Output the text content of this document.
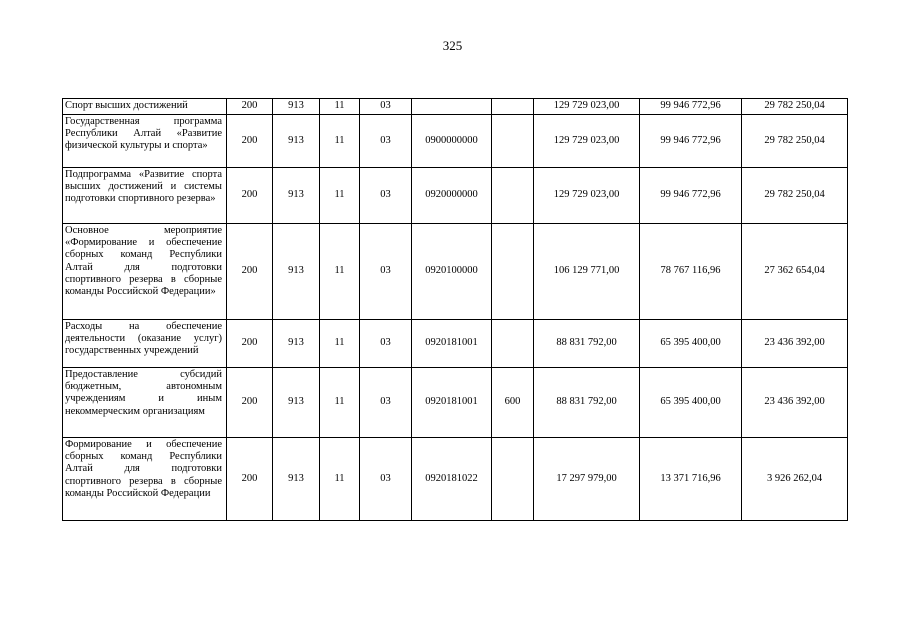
325
Спорт высших достижений	200	913	11	03			129 729 023,00	99 946 772,96	29 782 250,04
Государственная программа Республики Алтай «Развитие физической культуры и спорта»	200	913	11	03	0900000000		129 729 023,00	99 946 772,96	29 782 250,04
Подпрограмма «Развитие спорта высших достижений и системы подготовки спортивного резерва»	200	913	11	03	0920000000		129 729 023,00	99 946 772,96	29 782 250,04
Основное мероприятие «Формирование и обеспечение сборных команд Республики Алтай для подготовки спортивного резерва в сборные команды Российской Федерации»	200	913	11	03	0920100000		106 129 771,00	78 767 116,96	27 362 654,04
Расходы на обеспечение деятельности (оказание услуг) государственных учреждений	200	913	11	03	0920181001		88 831 792,00	65 395 400,00	23 436 392,00
Предоставление субсидий бюджетным, автономным учреждениям и иным некоммерческим организациям	200	913	11	03	0920181001	600	88 831 792,00	65 395 400,00	23 436 392,00
Формирование и обеспечение сборных команд Республики Алтай для подготовки спортивного резерва в сборные команды Российской Федерации	200	913	11	03	0920181022		17 297 979,00	13 371 716,96	3 926 262,04
